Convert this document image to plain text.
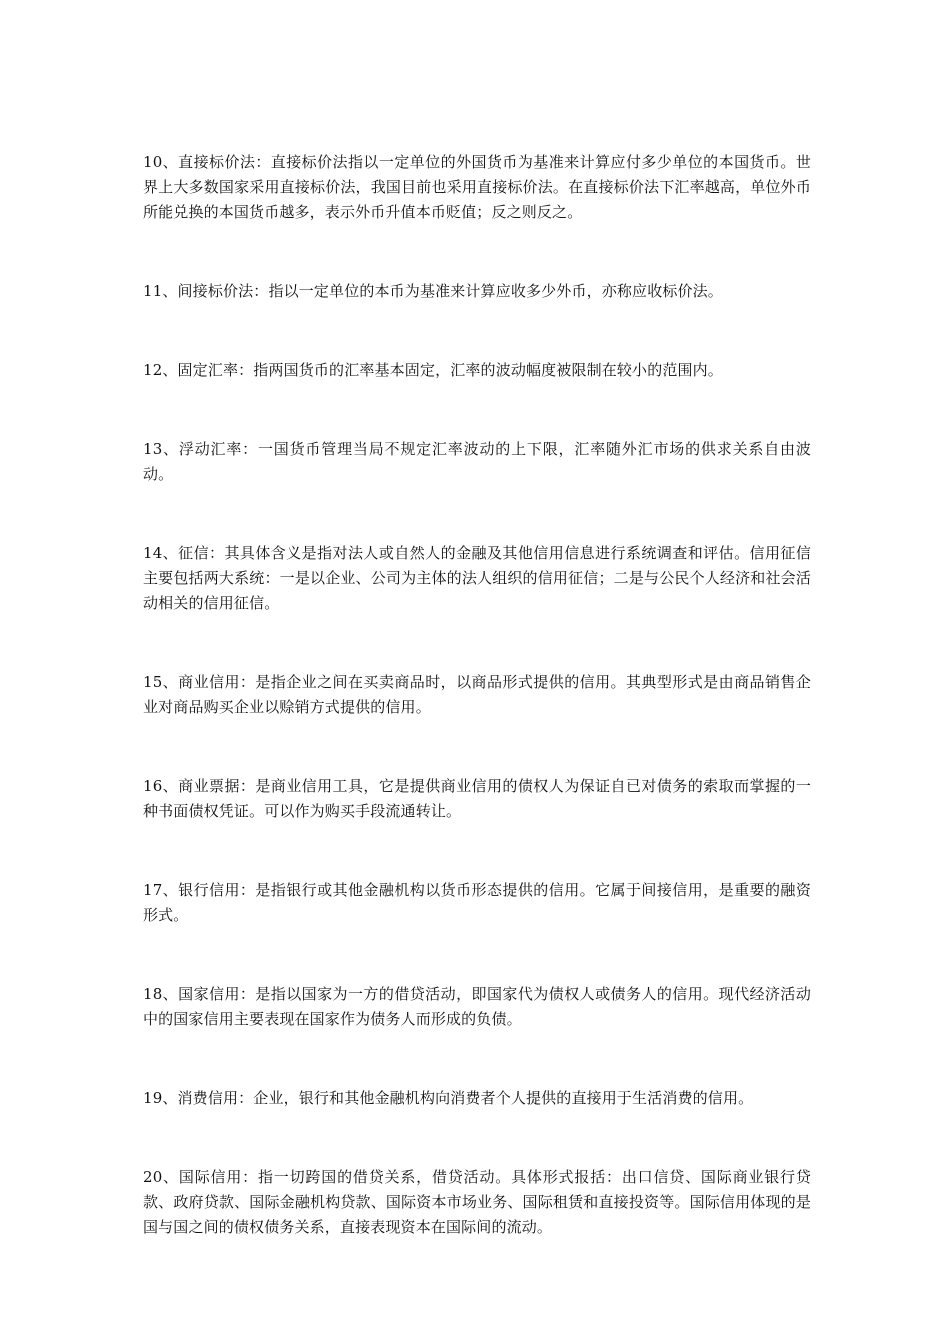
10、直接标价法：直接标价法指以一定单位的外国货币为基准来计算应付多少单位的本国货币。世界上大多数国家采用直接标价法，我国目前也采用直接标价法。在直接标价法下汇率越高，单位外币所能兑换的本国货币越多，表示外币升值本币贬值；反之则反之。

11、间接标价法：指以一定单位的本币为基准来计算应收多少外币，亦称应收标价法。

12、固定汇率：指两国货币的汇率基本固定，汇率的波动幅度被限制在较小的范围内。

13、浮动汇率：一国货币管理当局不规定汇率波动的上下限，汇率随外汇市场的供求关系自由波动。

14、征信：其具体含义是指对法人或自然人的金融及其他信用信息进行系统调查和评估。信用征信主要包括两大系统：一是以企业、公司为主体的法人组织的信用征信；二是与公民个人经济和社会活动相关的信用征信。

15、商业信用：是指企业之间在买卖商品时，以商品形式提供的信用。其典型形式是由商品销售企业对商品购买企业以赊销方式提供的信用。

16、商业票据：是商业信用工具，它是提供商业信用的债权人为保证自已对债务的索取而掌握的一种书面债权凭证。可以作为购买手段流通转让。

17、银行信用：是指银行或其他金融机构以货币形态提供的信用。它属于间接信用，是重要的融资形式。

18、国家信用：是指以国家为一方的借贷活动，即国家代为债权人或债务人的信用。现代经济活动中的国家信用主要表现在国家作为债务人而形成的负债。

19、消费信用：企业，银行和其他金融机构向消费者个人提供的直接用于生活消费的信用。

20、国际信用：指一切跨国的借贷关系，借贷活动。具体形式报括：出口信贷、国际商业银行贷款、政府贷款、国际金融机构贷款、国际资本市场业务、国际租赁和直接投资等。国际信用体现的是国与国之间的债权债务关系，直接表现资本在国际间的流动。
